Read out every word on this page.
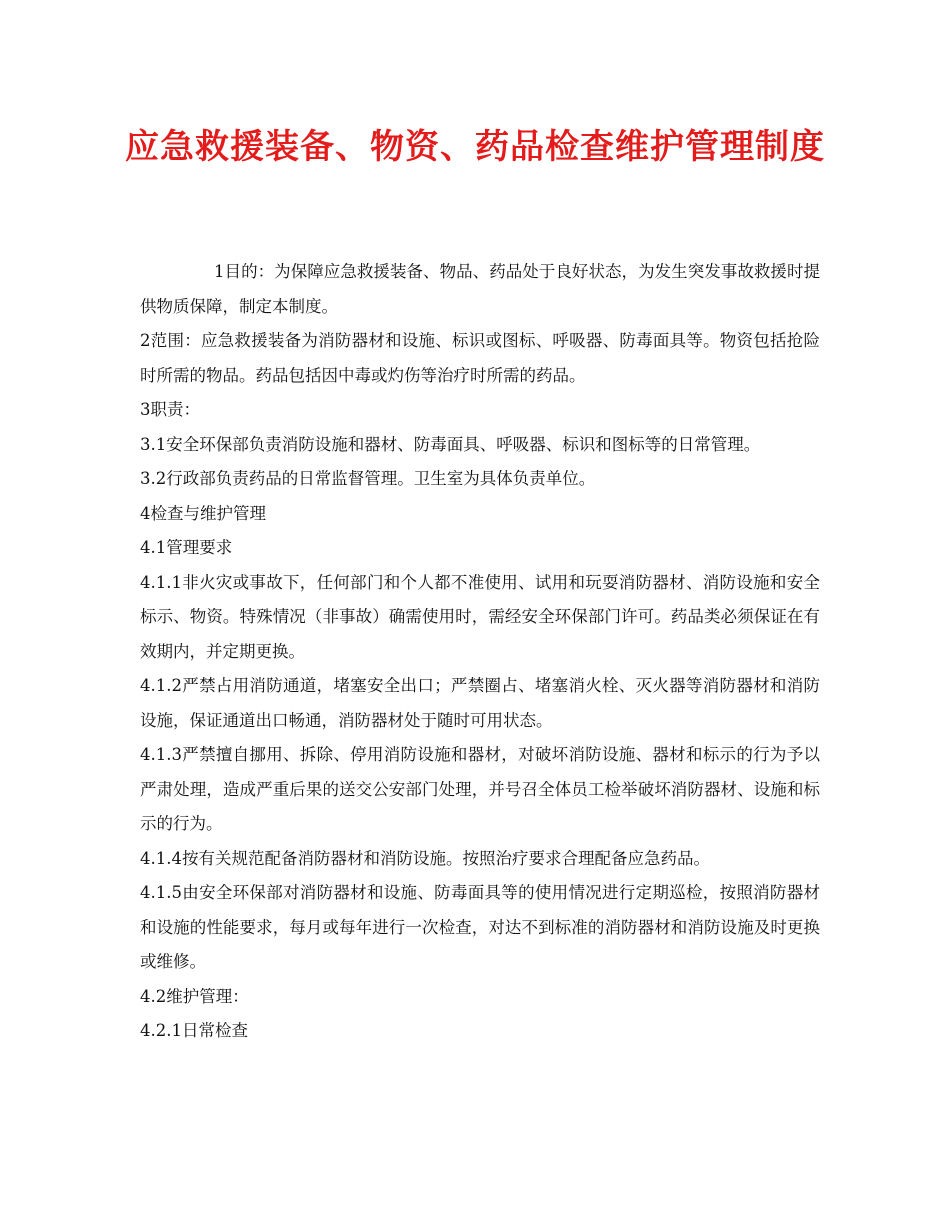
应急救援装备、物资、药品检查维护管理制度

1目的：为保障应急救援装备、物品、药品处于良好状态，为发生突发事故救援时提供物质保障，制定本制度。

2范围：应急救援装备为消防器材和设施、标识或图标、呼吸器、防毒面具等。物资包括抢险时所需的物品。药品包括因中毒或灼伤等治疗时所需的药品。

3职责：

3.1安全环保部负责消防设施和器材、防毒面具、呼吸器、标识和图标等的日常管理。

3.2行政部负责药品的日常监督管理。卫生室为具体负责单位。

4检查与维护管理

4.1管理要求

4.1.1非火灾或事故下，任何部门和个人都不准使用、试用和玩耍消防器材、消防设施和安全标示、物资。特殊情况（非事故）确需使用时，需经安全环保部门许可。药品类必须保证在有效期内，并定期更换。

4.1.2严禁占用消防通道，堵塞安全出口；严禁圈占、堵塞消火栓、灭火器等消防器材和消防设施，保证通道出口畅通，消防器材处于随时可用状态。

4.1.3严禁擅自挪用、拆除、停用消防设施和器材，对破坏消防设施、器材和标示的行为予以严肃处理，造成严重后果的送交公安部门处理，并号召全体员工检举破坏消防器材、设施和标示的行为。

4.1.4按有关规范配备消防器材和消防设施。按照治疗要求合理配备应急药品。

4.1.5由安全环保部对消防器材和设施、防毒面具等的使用情况进行定期巡检，按照消防器材和设施的性能要求，每月或每年进行一次检查，对达不到标准的消防器材和消防设施及时更换或维修。

4.2维护管理：

4.2.1日常检查
